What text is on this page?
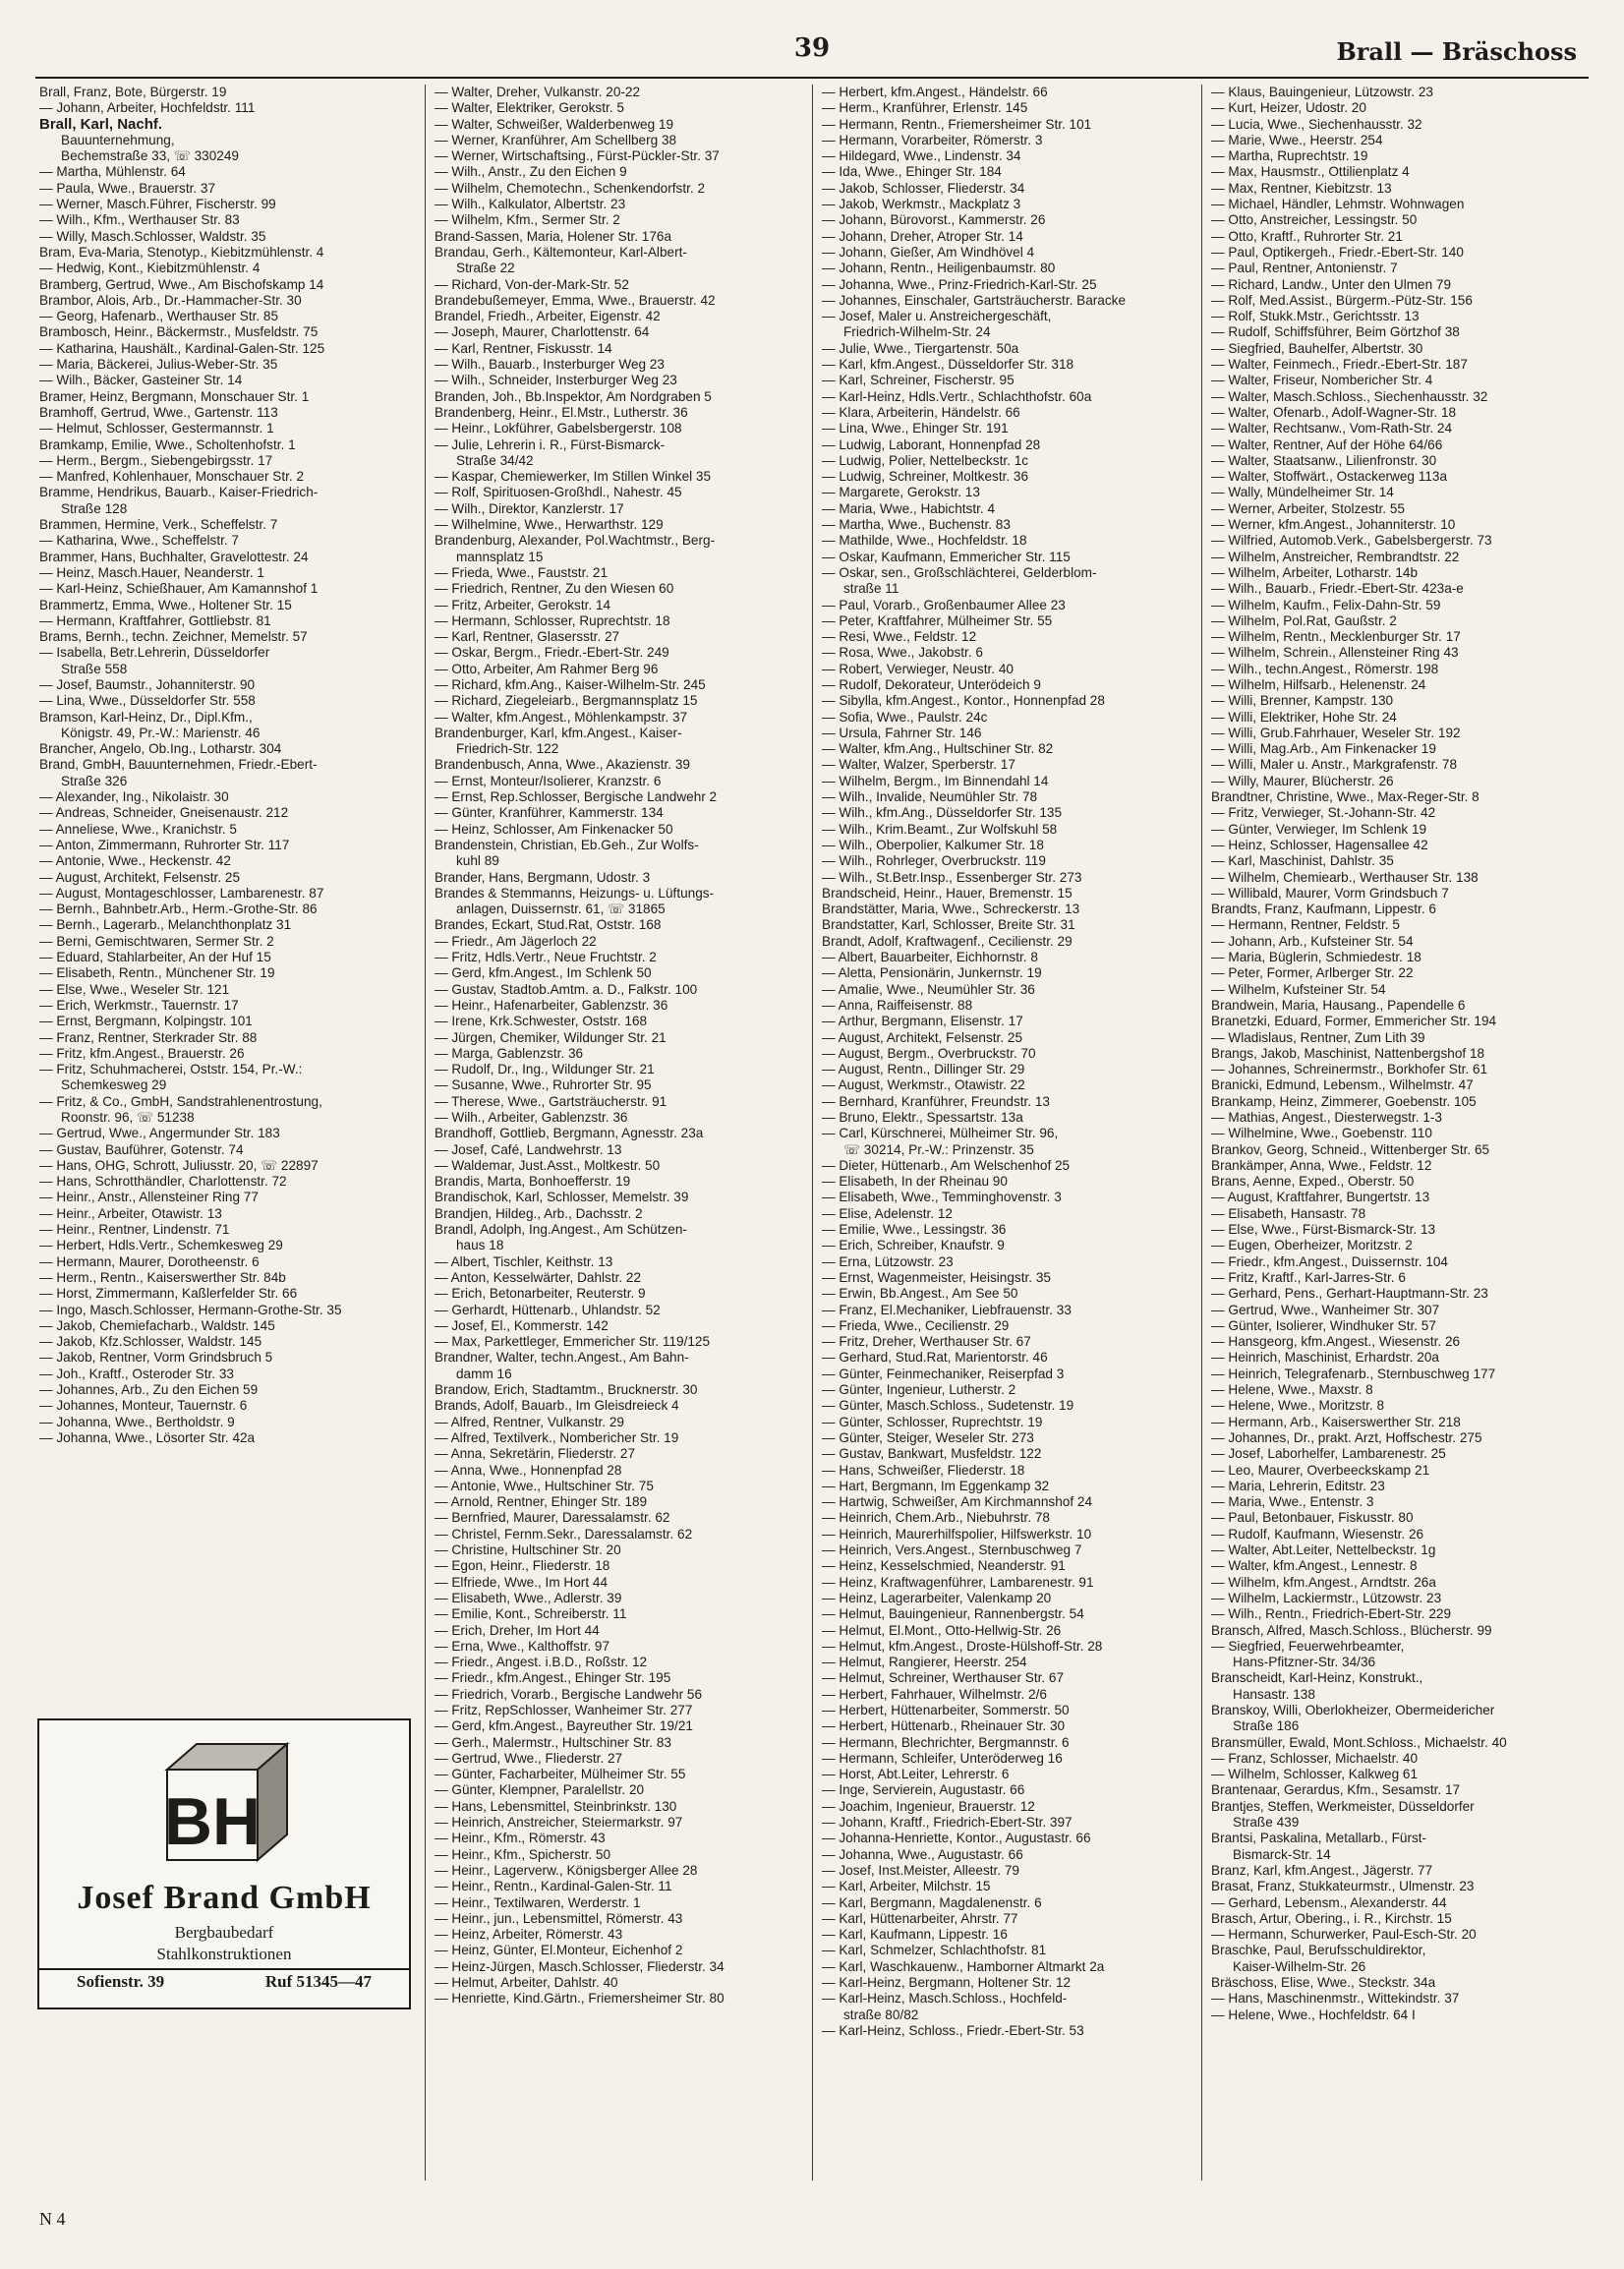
39	Brall — Bräschoss
Brall, Franz, Bote, Bürgerstr. 19
— Johann, Arbeiter, Hochfeldstr. 111
Brall, Karl, Nachf.
Bauunternehmung,
Bechemstraße 33, ☏ 330249
— Martha, Mühlenstr. 64
— Paula, Wwe., Brauerstr. 37
— Werner, Masch.Führer, Fischerstr. 99
— Wilh., Kfm., Werthauser Str. 83
— Willy, Masch.Schlosser, Waldstr. 35
Bram, Eva-Maria, Stenotyp., Kiebitzmühlenstr. 4
— Hedwig, Kont., Kiebitzmühlenstr. 4
Bramberg, Gertrud, Wwe., Am Bischofskamp 14
Brambor, Alois, Arb., Dr.-Hammacher-Str. 30
— Georg, Hafenarb., Werthauser Str. 85
Brambosch, Heinr., Bäckermstr., Musfeldstr. 75
— Katharina, Haushält., Kardinal-Galen-Str. 125
— Maria, Bäckerei, Julius-Weber-Str. 35
— Wilh., Bäcker, Gasteiner Str. 14
Bramer, Heinz, Bergmann, Monschauer Str. 1
Bramhoff, Gertrud, Wwe., Gartenstr. 113
— Helmut, Schlosser, Gestermannstr. 1
Bramkamp, Emilie, Wwe., Scholtenhofstr. 1
— Herm., Bergm., Siebengebirgsstr. 17
— Manfred, Kohlenhauer, Monschauer Str. 2
Bramme, Hendrikus, Bauarb., Kaiser-Friedrich-
Straße 128
Brammen, Hermine, Verk., Scheffelstr. 7
— Katharina, Wwe., Scheffelstr. 7
Brammer, Hans, Buchhalter, Gravelottestr. 24
— Heinz, Masch.Hauer, Neanderstr. 1
— Karl-Heinz, Schießhauer, Am Kamannshof 1
Brammertz, Emma, Wwe., Holtener Str. 15
— Hermann, Kraftfahrer, Gottliebstr. 81
Brams, Bernh., techn. Zeichner, Memelstr. 57
— Isabella, Betr.Lehrerin, Düsseldorfer
Straße 558
— Josef, Baumstr., Johanniterstr. 90
— Lina, Wwe., Düsseldorfer Str. 558
Bramson, Karl-Heinz, Dr., Dipl.Kfm.,
Königstr. 49, Pr.-W.: Marienstr. 46
Brancher, Angelo, Ob.Ing., Lotharstr. 304
Brand, GmbH, Bauunternehmen, Friedr.-Ebert-
Straße 326
— Alexander, Ing., Nikolaistr. 30
— Andreas, Schneider, Gneisenaustr. 212
— Anneliese, Wwe., Kranichstr. 5
— Anton, Zimmermann, Ruhrorter Str. 117
— Antonie, Wwe., Heckenstr. 42
— August, Architekt, Felsenstr. 25
— August, Montageschlosser, Lambarenestr. 87
— Bernh., Bahnbetr.Arb., Herm.-Grothe-Str. 86
— Bernh., Lagerarb., Melanchthonplatz 31
— Berni, Gemischtwaren, Sermer Str. 2
— Eduard, Stahlarbeiter, An der Huf 15
— Elisabeth, Rentn., Münchener Str. 19
— Else, Wwe., Weseler Str. 121
— Erich, Werkmstr., Tauernstr. 17
— Ernst, Bergmann, Kolpingstr. 101
— Franz, Rentner, Sterkrader Str. 88
— Fritz, kfm.Angest., Brauerstr. 26
— Fritz, Schuhmacherei, Oststr. 154, Pr.-W.:
Schemkesweg 29
— Fritz, & Co., GmbH, Sandstrahlenentrostung,
Roonstr. 96, ☏ 51238
— Gertrud, Wwe., Angermunder Str. 183
— Gustav, Bauführer, Gotenstr. 74
— Hans, OHG, Schrott, Juliusstr. 20, ☏ 22897
— Hans, Schrotthändler, Charlottenstr. 72
— Heinr., Anstr., Allensteiner Ring 77
— Heinr., Arbeiter, Otawistr. 13
— Heinr., Rentner, Lindenstr. 71
— Herbert, Hdls.Vertr., Schemkesweg 29
— Hermann, Maurer, Dorotheenstr. 6
— Herm., Rentn., Kaiserswerther Str. 84b
— Horst, Zimmermann, Kaßlerfelder Str. 66
— Ingo, Masch.Schlosser, Hermann-Grothe-Str. 35
— Jakob, Chemiefacharb., Waldstr. 145
— Jakob, Kfz.Schlosser, Waldstr. 145
— Jakob, Rentner, Vorm Grindsbruch 5
— Joh., Kraftf., Osteroder Str. 33
— Johannes, Arb., Zu den Eichen 59
— Johannes, Monteur, Tauernstr. 6
— Johanna, Wwe., Bertholdstr. 9
— Johanna, Wwe., Lösorter Str. 42a
— Walter, Dreher, Vulkanstr. 20-22
— Walter, Elektriker, Gerokstr. 5
— Walter, Schweißer, Walderbenweg 19
— Werner, Kranführer, Am Schellberg 38
— Werner, Wirtschaftsing., Fürst-Pückler-Str. 37
— Wilh., Anstr., Zu den Eichen 9
— Wilhelm, Chemotechn., Schenkendorfstr. 2
— Wilh., Kalkulator, Albertstr. 23
— Wilhelm, Kfm., Sermer Str. 2
Brand-Sassen, Maria, Holener Str. 176a
Brandau, Gerh., Kältemonteur, Karl-Albert-
Straße 22
— Richard, Von-der-Mark-Str. 52
Brandebußemeyer, Emma, Wwe., Brauerstr. 42
Brandel, Friedh., Arbeiter, Eigenstr. 42
— Joseph, Maurer, Charlottenstr. 64
— Karl, Rentner, Fiskusstr. 14
— Wilh., Bauarb., Insterburger Weg 23
— Wilh., Schneider, Insterburger Weg 23
Branden, Joh., Bb.Inspektor, Am Nordgraben 5
Brandenberg, Heinr., El.Mstr., Lutherstr. 36
— Heinr., Lokführer, Gabelsbergerstr. 108
— Julie, Lehrerin i. R., Fürst-Bismarck-
Straße 34/42
— Kaspar, Chemiewerker, Im Stillen Winkel 35
— Rolf, Spirituosen-Großhdl., Nahestr. 45
— Wilh., Direktor, Kanzlerstr. 17
— Wilhelmine, Wwe., Herwarthstr. 129
Brandenburg, Alexander, Pol.Wachtmstr., Berg-
mannsplatz 15
— Frieda, Wwe., Fauststr. 21
— Friedrich, Rentner, Zu den Wiesen 60
— Fritz, Arbeiter, Gerokstr. 14
— Hermann, Schlosser, Ruprechtstr. 18
— Karl, Rentner, Glasersstr. 27
— Oskar, Bergm., Friedr.-Ebert-Str. 249
— Otto, Arbeiter, Am Rahmer Berg 96
— Richard, kfm.Ang., Kaiser-Wilhelm-Str. 245
— Richard, Ziegeleiarb., Bergmannsplatz 15
— Walter, kfm.Angest., Möhlenkampstr. 37
Brandenburger, Karl, kfm.Angest., Kaiser-
Friedrich-Str. 122
Brandenbusch, Anna, Wwe., Akazienstr. 39
— Ernst, Monteur/Isolierer, Kranzstr. 6
— Ernst, Rep.Schlosser, Bergische Landwehr 2
— Günter, Kranführer, Kammerstr. 134
— Heinz, Schlosser, Am Finkenacker 50
Brandenstein, Christian, Eb.Geh., Zur Wolfs-
kuhl 89
Brander, Hans, Bergmann, Udostr. 3
Brandes & Stemmanns, Heizungs- u. Lüftungs-
anlagen, Duissernstr. 61, ☏ 31865
Brandes, Eckart, Stud.Rat, Oststr. 168
— Friedr., Am Jägerloch 22
— Fritz, Hdls.Vertr., Neue Fruchtstr. 2
— Gerd, kfm.Angest., Im Schlenk 50
— Gustav, Stadtob.Amtm. a. D., Falkstr. 100
— Heinr., Hafenarbeiter, Gablenzstr. 36
— Irene, Krk.Schwester, Oststr. 168
— Jürgen, Chemiker, Wildunger Str. 21
— Marga, Gablenzstr. 36
— Rudolf, Dr., Ing., Wildunger Str. 21
— Susanne, Wwe., Ruhrorter Str. 95
— Therese, Wwe., Gartsträucherstr. 91
— Wilh., Arbeiter, Gablenzstr. 36
Brandhoff, Gottlieb, Bergmann, Agnesstr. 23a
— Josef, Café, Landwehrstr. 13
— Waldemar, Just.Asst., Moltkestr. 50
Brandis, Marta, Bonhoefferstr. 19
Brandischok, Karl, Schlosser, Memelstr. 39
Brandjen, Hildeg., Arb., Dachsstr. 2
Brandl, Adolph, Ing.Angest., Am Schützen-
haus 18
— Albert, Tischler, Keithstr. 13
— Anton, Kesselwärter, Dahlstr. 22
— Erich, Betonarbeiter, Reuterstr. 9
— Gerhardt, Hüttenarb., Uhlandstr. 52
— Josef, El., Kommerstr. 142
— Max, Parkettleger, Emmericher Str. 119/125
Brandner, Walter, techn.Angest., Am Bahn-
damm 16
Brandow, Erich, Stadtamtm., Brucknerstr. 30
Brands, Adolf, Bauarb., Im Gleisdreieck 4
— Alfred, Rentner, Vulkanstr. 29
— Alfred, Textilverk., Nombericher Str. 19
— Anna, Sekretärin, Fliederstr. 27
— Anna, Wwe., Honnenpfad 28
— Antonie, Wwe., Hultschiner Str. 75
— Arnold, Rentner, Ehinger Str. 189
— Bernfried, Maurer, Daressalamstr. 62
— Christel, Fernm.Sekr., Daressalamstr. 62
— Christine, Hultschiner Str. 20
— Egon, Heinr., Fliederstr. 18
— Elfriede, Wwe., Im Hort 44
— Elisabeth, Wwe., Adlerstr. 39
— Emilie, Kont., Schreiberstr. 11
— Erich, Dreher, Im Hort 44
— Erna, Wwe., Kalthoffstr. 97
— Friedr., Angest. i.B.D., Roßstr. 12
— Friedr., kfm.Angest., Ehinger Str. 195
— Friedrich, Vorarb., Bergische Landwehr 56
— Fritz, RepSchlosser, Wanheimer Str. 277
— Gerd, kfm.Angest., Bayreuther Str. 19/21
— Gerh., Malermstr., Hultschiner Str. 83
— Gertrud, Wwe., Fliederstr. 27
— Günter, Facharbeiter, Mülheimer Str. 55
— Günter, Klempner, Paralellstr. 20
— Hans, Lebensmittel, Steinbrinkstr. 130
— Heinrich, Anstreicher, Steiermarkstr. 97
— Heinr., Kfm., Römerstr. 43
— Heinr., Kfm., Spicherstr. 50
— Heinr., Lagerverw., Königsberger Allee 28
— Heinr., Rentn., Kardinal-Galen-Str. 11
— Heinr., Textilwaren, Werderstr. 1
— Heinr., jun., Lebensmittel, Römerstr. 43
— Heinz, Arbeiter, Römerstr. 43
— Heinz, Günter, El.Monteur, Eichenhof 2
— Heinz-Jürgen, Masch.Schlosser, Fliederstr. 34
— Helmut, Arbeiter, Dahlstr. 40
— Henriette, Kind.Gärtn., Friemersheimer Str. 80
— Herbert, kfm.Angest., Händelstr. 66
— Herm., Kranführer, Erlenstr. 145
— Hermann, Rentn., Friemersheimer Str. 101
— Hermann, Vorarbeiter, Römerstr. 3
— Hildegard, Wwe., Lindenstr. 34
— Ida, Wwe., Ehinger Str. 184
— Jakob, Schlosser, Fliederstr. 34
— Jakob, Werkmstr., Mackplatz 3
— Johann, Bürovorst., Kammerstr. 26
— Johann, Dreher, Atroper Str. 14
— Johann, Gießer, Am Windhövel 4
— Johann, Rentn., Heiligenbaumstr. 80
— Johanna, Wwe., Prinz-Friedrich-Karl-Str. 25
— Johannes, Einschaler, Gartsträucherstr. Baracke
— Josef, Maler u. Anstreichergeschäft,
Friedrich-Wilhelm-Str. 24
— Julie, Wwe., Tiergartenstr. 50a
— Karl, kfm.Angest., Düsseldorfer Str. 318
— Karl, Schreiner, Fischerstr. 95
— Karl-Heinz, Hdls.Vertr., Schlachthofstr. 60a
— Klara, Arbeiterin, Händelstr. 66
— Lina, Wwe., Ehinger Str. 191
— Ludwig, Laborant, Honnenpfad 28
— Ludwig, Polier, Nettelbeckstr. 1c
— Ludwig, Schreiner, Moltkestr. 36
— Margarete, Gerokstr. 13
— Maria, Wwe., Habichtstr. 4
— Martha, Wwe., Buchenstr. 83
— Mathilde, Wwe., Hochfeldstr. 18
— Oskar, Kaufmann, Emmericher Str. 115
— Oskar, sen., Großschlächterei, Gelderblom-
straße 11
— Paul, Vorarb., Großenbaumer Allee 23
— Peter, Kraftfahrer, Mülheimer Str. 55
— Resi, Wwe., Feldstr. 12
— Rosa, Wwe., Jakobstr. 6
— Robert, Verwieger, Neustr. 40
— Rudolf, Dekorateur, Unterödeich 9
— Sibylla, kfm.Angest., Kontor., Honnenpfad 28
— Sofia, Wwe., Paulstr. 24c
— Ursula, Fahrner Str. 146
— Walter, kfm.Ang., Hultschiner Str. 82
— Walter, Walzer, Sperberstr. 17
— Wilhelm, Bergm., Im Binnendahl 14
— Wilh., Invalide, Neumühler Str. 78
— Wilh., kfm.Ang., Düsseldorfer Str. 135
— Wilh., Krim.Beamt., Zur Wolfskuhl 58
— Wilh., Oberpolier, Kalkumer Str. 18
— Wilh., Rohrleger, Overbruckstr. 119
— Wilh., St.Betr.Insp., Essenberger Str. 273
Brandscheid, Heinr., Hauer, Bremenstr. 15
Brandstätter, Maria, Wwe., Schreckerstr. 13
Brandstatter, Karl, Schlosser, Breite Str. 31
Brandt, Adolf, Kraftwagenf., Cecilienstr. 29
— Albert, Bauarbeiter, Eichhornstr. 8
— Aletta, Pensionärin, Junkernstr. 19
— Amalie, Wwe., Neumühler Str. 36
— Anna, Raiffeisenstr. 88
— Arthur, Bergmann, Elisenstr. 17
— August, Architekt, Felsenstr. 25
— August, Bergm., Overbruckstr. 70
— August, Rentn., Dillinger Str. 29
— August, Werkmstr., Otawistr. 22
— Bernhard, Kranführer, Freundstr. 13
— Bruno, Elektr., Spessartstr. 13a
— Carl, Kürschnerei, Mülheimer Str. 96,
☏ 30214, Pr.-W.: Prinzenstr. 35
— Dieter, Hüttenarb., Am Welschenhof 25
— Elisabeth, In der Rheinau 90
— Elisabeth, Wwe., Temminghovenstr. 3
— Elise, Adelenstr. 12
— Emilie, Wwe., Lessingstr. 36
— Erich, Schreiber, Knaufstr. 9
— Erna, Lützowstr. 23
— Ernst, Wagenmeister, Heisingstr. 35
— Erwin, Bb.Angest., Am See 50
— Franz, El.Mechaniker, Liebfrauenstr. 33
— Frieda, Wwe., Cecilienstr. 29
— Fritz, Dreher, Werthauser Str. 67
— Gerhard, Stud.Rat, Marientorstr. 46
— Günter, Feinmechaniker, Reiserpfad 3
— Günter, Ingenieur, Lutherstr. 2
— Günter, Masch.Schloss., Sudetenstr. 19
— Günter, Schlosser, Ruprechtstr. 19
— Günter, Steiger, Weseler Str. 273
— Gustav, Bankwart, Musfeldstr. 122
— Hans, Schweißer, Fliederstr. 18
— Hart, Bergmann, Im Eggenkamp 32
— Hartwig, Schweißer, Am Kirchmannshof 24
— Heinrich, Chem.Arb., Niebuhrstr. 78
— Heinrich, Maurerhilfspolier, Hilfswerkstr. 10
— Heinrich, Vers.Angest., Sternbuschweg 7
— Heinz, Kesselschmied, Neanderstr. 91
— Heinz, Kraftwagenführer, Lambarenestr. 91
— Heinz, Lagerarbeiter, Valenkamp 20
— Helmut, Bauingenieur, Rannenbergstr. 54
— Helmut, El.Mont., Otto-Hellwig-Str. 26
— Helmut, kfm.Angest., Droste-Hülshoff-Str. 28
— Helmut, Rangierer, Heerstr. 254
— Helmut, Schreiner, Werthauser Str. 67
— Herbert, Fahrhauer, Wilhelmstr. 2/6
— Herbert, Hüttenarbeiter, Sommerstr. 50
— Herbert, Hüttenarb., Rheinauer Str. 30
— Hermann, Blechrichter, Bergmannstr. 6
— Hermann, Schleifer, Unteröderweg 16
— Horst, Abt.Leiter, Lehrerstr. 6
— Inge, Servierein, Augustastr. 66
— Joachim, Ingenieur, Brauerstr. 12
— Johann, Kraftf., Friedrich-Ebert-Str. 397
— Johanna-Henriette, Kontor., Augustastr. 66
— Johanna, Wwe., Augustastr. 66
— Josef, Inst.Meister, Alleestr. 79
— Karl, Arbeiter, Milchstr. 15
— Karl, Bergmann, Magdalenenstr. 6
— Karl, Hüttenarbeiter, Ahrstr. 77
— Karl, Kaufmann, Lippestr. 16
— Karl, Schmelzer, Schlachthofstr. 81
— Karl, Waschkauenw., Hamborner Altmarkt 2a
— Karl-Heinz, Bergmann, Holtener Str. 12
— Karl-Heinz, Masch.Schloss., Hochfeld-
straße 80/82
— Karl-Heinz, Schloss., Friedr.-Ebert-Str. 53
— Klaus, Bauingenieur, Lützowstr. 23
— Kurt, Heizer, Udostr. 20
— Lucia, Wwe., Siechenhausstr. 32
— Marie, Wwe., Heerstr. 254
— Martha, Ruprechtstr. 19
— Max, Hausmstr., Ottilienplatz 4
— Max, Rentner, Kiebitzstr. 13
— Michael, Händler, Lehmstr. Wohnwagen
— Otto, Anstreicher, Lessingstr. 50
— Otto, Kraftf., Ruhrorter Str. 21
— Paul, Optikergeh., Friedr.-Ebert-Str. 140
— Paul, Rentner, Antonienstr. 7
— Richard, Landw., Unter den Ulmen 79
— Rolf, Med.Assist., Bürgerm.-Pütz-Str. 156
— Rolf, Stukk.Mstr., Gerichtsstr. 13
— Rudolf, Schiffsführer, Beim Görtzhof 38
— Siegfried, Bauhelfer, Albertstr. 30
— Walter, Feinmech., Friedr.-Ebert-Str. 187
— Walter, Friseur, Nombericher Str. 4
— Walter, Masch.Schloss., Siechenhausstr. 32
— Walter, Ofenarb., Adolf-Wagner-Str. 18
— Walter, Rechtsanw., Vom-Rath-Str. 24
— Walter, Rentner, Auf der Höhe 64/66
— Walter, Staatsanw., Lilienfronstr. 30
— Walter, Stoffwärt., Ostackerweg 113a
— Wally, Mündelheimer Str. 14
— Werner, Arbeiter, Stolzestr. 55
— Werner, kfm.Angest., Johanniterstr. 10
— Wilfried, Automob.Verk., Gabelsbergerstr. 73
— Wilhelm, Anstreicher, Rembrandtstr. 22
— Wilhelm, Arbeiter, Lotharstr. 14b
— Wilh., Bauarb., Friedr.-Ebert-Str. 423a-e
— Wilhelm, Kaufm., Felix-Dahn-Str. 59
— Wilhelm, Pol.Rat, Gaußstr. 2
— Wilhelm, Rentn., Mecklenburger Str. 17
— Wilhelm, Schrein., Allensteiner Ring 43
— Wilh., techn.Angest., Römerstr. 198
— Wilhelm, Hilfsarb., Helenenstr. 24
— Willi, Brenner, Kampstr. 130
— Willi, Elektriker, Hohe Str. 24
— Willi, Grub.Fahrhauer, Weseler Str. 192
— Willi, Mag.Arb., Am Finkenacker 19
— Willi, Maler u. Anstr., Markgrafenstr. 78
— Willy, Maurer, Blücherstr. 26
Brandtner, Christine, Wwe., Max-Reger-Str. 8
— Fritz, Verwieger, St.-Johann-Str. 42
— Günter, Verwieger, Im Schlenk 19
— Heinz, Schlosser, Hagensallee 42
— Karl, Maschinist, Dahlstr. 35
— Wilhelm, Chemiearb., Werthauser Str. 138
— Willibald, Maurer, Vorm Grindsbuch 7
Brandts, Franz, Kaufmann, Lippestr. 6
— Hermann, Rentner, Feldstr. 5
— Johann, Arb., Kufsteiner Str. 54
— Maria, Büglerin, Schmiedestr. 18
— Peter, Former, Arlberger Str. 22
— Wilhelm, Kufsteiner Str. 54
Brandwein, Maria, Hausang., Papendelle 6
Branetzki, Eduard, Former, Emmericher Str. 194
— Wladislaus, Rentner, Zum Lith 39
Brangs, Jakob, Maschinist, Nattenbergshof 18
— Johannes, Schreinermstr., Borkhofer Str. 61
Branicki, Edmund, Lebensm., Wilhelmstr. 47
Brankamp, Heinz, Zimmerer, Goebenstr. 105
— Mathias, Angest., Diesterwegstr. 1-3
— Wilhelmine, Wwe., Goebenstr. 110
Brankov, Georg, Schneid., Wittenberger Str. 65
Brankämper, Anna, Wwe., Feldstr. 12
Brans, Aenne, Exped., Oberstr. 50
— August, Kraftfahrer, Bungertstr. 13
— Elisabeth, Hansastr. 78
— Else, Wwe., Fürst-Bismarck-Str. 13
— Eugen, Oberheizer, Moritzstr. 2
— Friedr., kfm.Angest., Duissernstr. 104
— Fritz, Kraftf., Karl-Jarres-Str. 6
— Gerhard, Pens., Gerhart-Hauptmann-Str. 23
— Gertrud, Wwe., Wanheimer Str. 307
— Günter, Isolierer, Windhuker Str. 57
— Hansgeorg, kfm.Angest., Wiesenstr. 26
— Heinrich, Maschinist, Erhardstr. 20a
— Heinrich, Telegrafenarb., Sternbuschweg 177
— Helene, Wwe., Maxstr. 8
— Helene, Wwe., Moritzstr. 8
— Hermann, Arb., Kaiserswerther Str. 218
— Johannes, Dr., prakt. Arzt, Hoffschestr. 275
— Josef, Laborhelfer, Lambarenestr. 25
— Leo, Maurer, Overbeeckskamp 21
— Maria, Lehrerin, Editstr. 23
— Maria, Wwe., Entenstr. 3
— Paul, Betonbauer, Fiskusstr. 80
— Rudolf, Kaufmann, Wiesenstr. 26
— Walter, Abt.Leiter, Nettelbeckstr. 1g
— Walter, kfm.Angest., Lennestr. 8
— Wilhelm, kfm.Angest., Arndtstr. 26a
— Wilhelm, Lackiermstr., Lützowstr. 23
— Wilh., Rentn., Friedrich-Ebert-Str. 229
Bransch, Alfred, Masch.Schloss., Blücherstr. 99
— Siegfried, Feuerwehrbeamter,
Hans-Pfitzner-Str. 34/36
Branscheidt, Karl-Heinz, Konstrukt.,
Hansastr. 138
Branskoy, Willi, Oberlokheizer, Obermeidericher
Straße 186
Bransmüller, Ewald, Mont.Schloss., Michaelstr. 40
— Franz, Schlosser, Michaelstr. 40
— Wilhelm, Schlosser, Kalkweg 61
Brantenaar, Gerardus, Kfm., Sesamstr. 17
Brantjes, Steffen, Werkmeister, Düsseldorfer
Straße 439
Brantsi, Paskalina, Metallarb., Fürst-
Bismarck-Str. 14
Branz, Karl, kfm.Angest., Jägerstr. 77
Brasat, Franz, Stukkateurmstr., Ulmenstr. 23
— Gerhard, Lebensm., Alexanderstr. 44
Brasch, Artur, Obering., i. R., Kirchstr. 15
— Hermann, Schurwerker, Paul-Esch-Str. 20
Braschke, Paul, Berufsschuldirektor,
Kaiser-Wilhelm-Str. 26
Bräschoss, Elise, Wwe., Steckstr. 34a
— Hans, Maschinenmstr., Wittekindstr. 37
— Helene, Wwe., Hochfeldstr. 64 I
BH
Josef Brand GmbH
Bergbaubedarf
Stahlkonstruktionen
Sofienstr. 39	Ruf 51345—47
N 4
